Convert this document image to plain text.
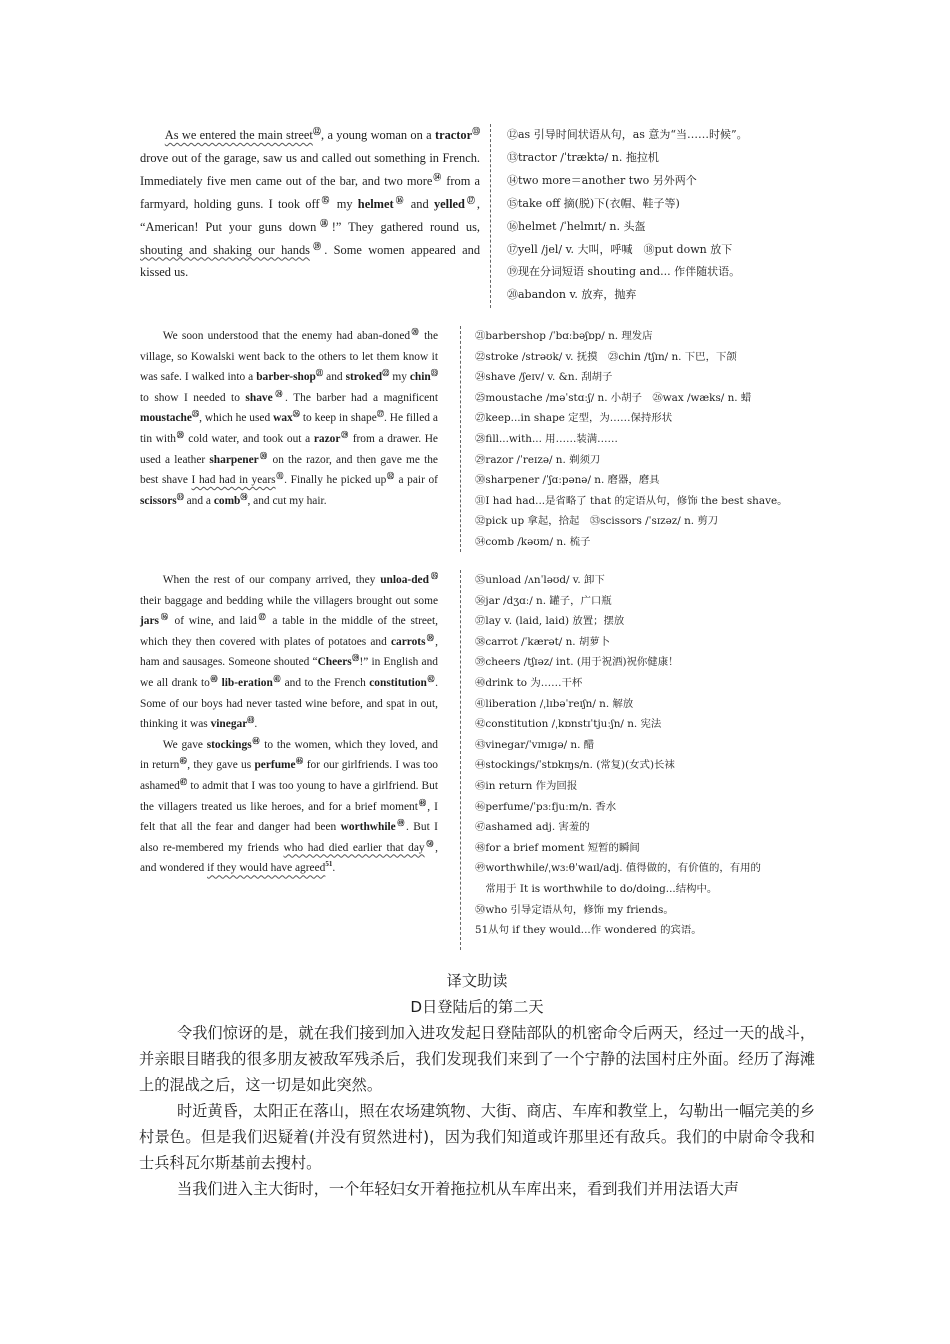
As we entered the main street⑫, a young woman on a tractor⑬ drove out of the garage, saw us and called out something in French. Immediately five men came out of the bar, and two more⑭ from a farmyard, holding guns. I took off⑮ my helmet⑯ and yelled⑰, “American! Put your guns down⑱!” They gathered round us, shouting and shaking our hands⑲. Some women appeared and kissed us.

⑫as 引导时间状语从句，as 意为“当……时候”。
⑬tractor /ˈtræktə/ n. 拖拉机
⑭two more＝another two 另外两个
⑮take off 摘(脱)下(衣帽、鞋子等)
⑯helmet /ˈhelmɪt/ n. 头盔
⑰yell /jel/ v. 大叫，呼喊　⑱put down 放下
⑲现在分词短语 shouting and... 作伴随状语。
⑳abandon v. 放弃，抛弃

We soon understood that the enemy had aban-doned⑳ the village, so Kowalski went back to the others to let them know it was safe. I walked into a barber-shop$^㉑$ and stroked$^㉒$ my chin$^㉓$ to show I needed to shave$^㉔$. The barber had a magnificent moustache$^㉕$, which he used wax$^㉖$ to keep in shape$^㉗$. He filled a tin with$^㉘$ cold water, and took out a razor$^㉙$ from a drawer. He used a leather sharpener$^㉚$ on the razor, and then gave me the best shave I had had in years$^㉛$. Finally he picked $up^㉜$ a pair of scissors$^㉝$ and a comb$^㉞$, and cut my hair.

㉑barbershop /ˈbɑːbəʃɒp/ n. 理发店
㉒stroke /strəʊk/ v. 抚摸　㉓chin /tʃɪn/ n. 下巴，下颌
㉔shave /ʃeɪv/ v. &n. 刮胡子
㉕moustache /məˈstɑːʃ/ n. 小胡子　㉖wax /wæks/ n. 蜡
㉗keep...in shape 定型，为……保持形状
㉘fill...with... 用……装满……
㉙razor /ˈreɪzə/ n. 剃须刀
㉚sharpener /ˈʃɑːpənə/ n. 磨器，磨具
㉛I had had...是省略了 that 的定语从句，修饰 the best shave。
㉜pick up 拿起，拾起　㉝scissors /ˈsɪzəz/ n. 剪刀
㉞comb /kəʊm/ n. 梳子

When the rest of our company arrived, they unloa-ded$^㉟$ their baggage and bedding while the villagers brought out some jars$^㊱$ of wine, and laid$^㊲$ a table in the middle of the street, which they then covered with plates of potatoes and carrots$^㊳$, ham and sausages. Someone shouted “Cheers$^㊴$!” in English and we all drank $to^㊵$ lib-eration$^㊶$ and to the French constitution$^㊷$. Some of our boys had never tasted wine before, and spat in out, thinking it was vinegar$^㊸$.

We gave stockings$^㊹$ to the women, which they loved, and in return$^㊺$, they gave us perfume$^㊻$ for our girlfriends. I was too ashamed$^㊼$ to admit that I was too young to have a girlfriend. But the villagers treated us like heroes, and for a brief moment$^㊽$, I felt that all the fear and danger had been worthwhile$^㊾$. But I also re-membered my friends who had died earlier that day$^㊿$, and wondered if they would have agreed$^{51}$.

㉟unload /ʌnˈləʊd/ v. 卸下
㊱jar /dʒɑː/ n. 罐子，广口瓶
㊲lay v. (laid, laid) 放置；摆放
㊳carrot /ˈkærət/ n. 胡萝卜
㊴cheers /tʃɪəz/ int. (用于祝酒)祝你健康！
㊵drink to 为……干杯
㊶liberation /ˌlɪbəˈreɪʃn/ n. 解放
㊷constitution /ˌkɒnstɪˈtjuːʃn/ n. 宪法
㊸vinegar/ˈvɪnɪɡə/ n. 醋
㊹stockings/ˈstɒkɪŋs/n. (常复)(女式)长袜
㊺in return 作为回报
㊻perfume/ˈpɜːfjuːm/n. 香水
㊼ashamed adj. 害羞的
㊽for a brief moment 短暂的瞬间
㊾worthwhile/ˌwɜːθˈwaɪl/adj. 值得做的，有价值的，有用的
　常用于 It is worthwhile to do/doing...结构中。
㊿who 引导定语从句，修饰 my friends。
51从句 if they would...作 wondered 的宾语。
译文助读
D日登陆后的第二天

令我们惊讶的是，就在我们接到加入进攻发起日登陆部队的机密命令后两天，经过一天的战斗，并亲眼目睹我的很多朋友被敌军残杀后，我们发现我们来到了一个宁静的法国村庄外面。经历了海滩上的混战之后，这一切是如此突然。

时近黄昏，太阳正在落山，照在农场建筑物、大街、商店、车库和教堂上，勾勒出一幅完美的乡村景色。但是我们迟疑着(并没有贸然进村)，因为我们知道或许那里还有敌兵。我们的中尉命令我和士兵科瓦尔斯基前去搜村。

当我们进入主大街时，一个年轻妇女开着拖拉机从车库出来，看到我们并用法语大声
